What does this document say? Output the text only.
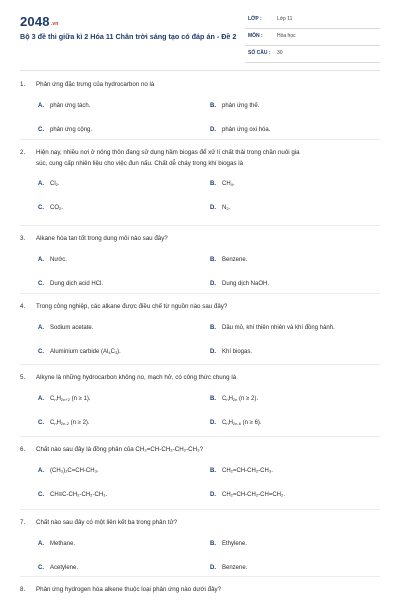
$2048^{.vn}$
Bộ 3 đề thi giữa kì 2 Hóa 11 Chân trời sáng tạo có đáp án - Đề 2
LỚP :	Lớp 11
MÔN :	Hóa học
SỐ CÂU : 30
1. Phản ứng đặc trưng của hydrocarbon no là
A. phản ứng tách.	B. phản ứng thế.
C. phản ứng cộng.	D. phản ứng oxi hóa.
2. Hiện nay, nhiều nơi ở nông thôn đang sử dụng hầm biogas để xử lí chất thải trong chăn nuôi gia
súc, cung cấp nhiên liệu cho việc đun nấu. Chất dễ cháy trong khí biogas là
A. $Cl_2$.	B. $CH_4$.
C. $CO_2$.	D. $N_2$.
3. Alkane hòa tan tốt trong dung môi nào sau đây?
A. Nước.	B. Benzene.
C. Dung dịch acid HCl.	D. Dung dịch NaOH.
4. Trong công nghiệp, các alkane được điều chế từ nguồn nào sau đây?
A. Sodium acetate.	B. Dầu mỏ, khí thiên nhiên và khí đồng hành.
C. Aluminium carbide $(Al_4C_3)$.	D. Khí biogas.
5. Alkyne là những hydrocarbon không no, mạch hở, có công thức chung là
A. $C_nH_{2n+2}$ (n ≥ 1).	B. $C_nH_{2n}$ (n ≥ 2).
C. $C_nH_{2n-2}$ (n ≥ 2).	D. $C_nH_{2n-6}$ (n ≥ 6).
6. Chất nào sau đây là đồng phân của CH₂=CH-CH₂-CH₂-CH₃?
A. (CH₃)₂C=CH-CH₃.	B. CH₂=CH-CH₂-CH₃.
C. CH≡C-CH₂-CH₂-CH₃.	D. CH₂=CH-CH₂-CH=CH₂.
7. Chất nào sau đây có một liên kết ba trong phân tử?
A. Methane.	B. Ethylene.
C. Acetylene.	D. Benzene.
8. Phản ứng hydrogen hóa alkene thuộc loại phản ứng nào dưới đây?
